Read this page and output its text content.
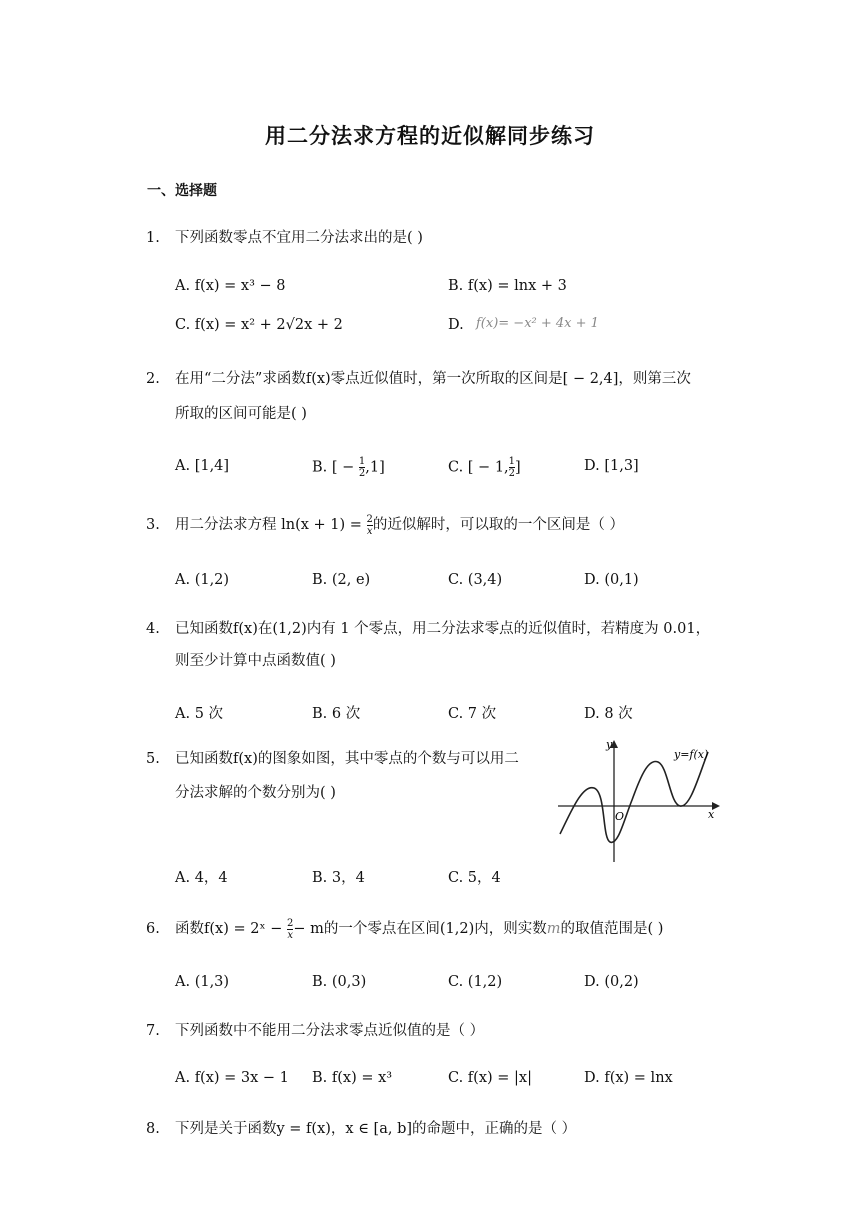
用二分法求方程的近似解同步练习
一、选择题
1. 下列函数零点不宜用二分法求出的是( )
A. f(x) = x³ − 8	B. f(x) = lnx + 3
C. f(x) = x² + 2√2x + 2	D. f(x)= −x² + 4x + 1
2. 在用“二分法”求函数f(x)零点近似值时，第一次所取的区间是[ − 2,4]，则第三次
所取的区间可能是( )
A. [1,4]	B. [ − $\frac{1}{2} ,1$]	C. [ − 1, $\frac{1}{2}$ ]	D. [1,3]
3. 用二分法求方程 $\ln(x + 1) = \frac{2}{x}$ 的近似解时，可以取的一个区间是（ ）
A. (1,2)	B. (2, e)	C. (3,4)	D. (0,1)
4. 已知函数f(x)在(1,2)内有 1 个零点，用二分法求零点的近似值时，若精度为 0.01，
则至少计算中点函数值( )
A. 5 次	B. 6 次	C. 7 次	D. 8 次
5. 已知函数f(x)的图象如图，其中零点的个数与可以用二
分法求解的个数分别为( )
y
x
O
y=f(x)
A. 4，4	B. 3，4	C. 5，4
6. 函数f(x) = 2ˣ − $\frac{2}{x} - m$的一个零点在区间(1,2)内，则实数m的取值范围是( )
A. (1,3)	B. (0,3)	C. (1,2)	D. (0,2)
7. 下列函数中不能用二分法求零点近似值的是（ ）
A. f(x) = 3x − 1 B. f(x) = x³	C. f(x) = |x|	D. f(x) = lnx
8. 下列是关于函数y = f(x)，x ∈ [a, b]的命题中，正确的是（ ）
